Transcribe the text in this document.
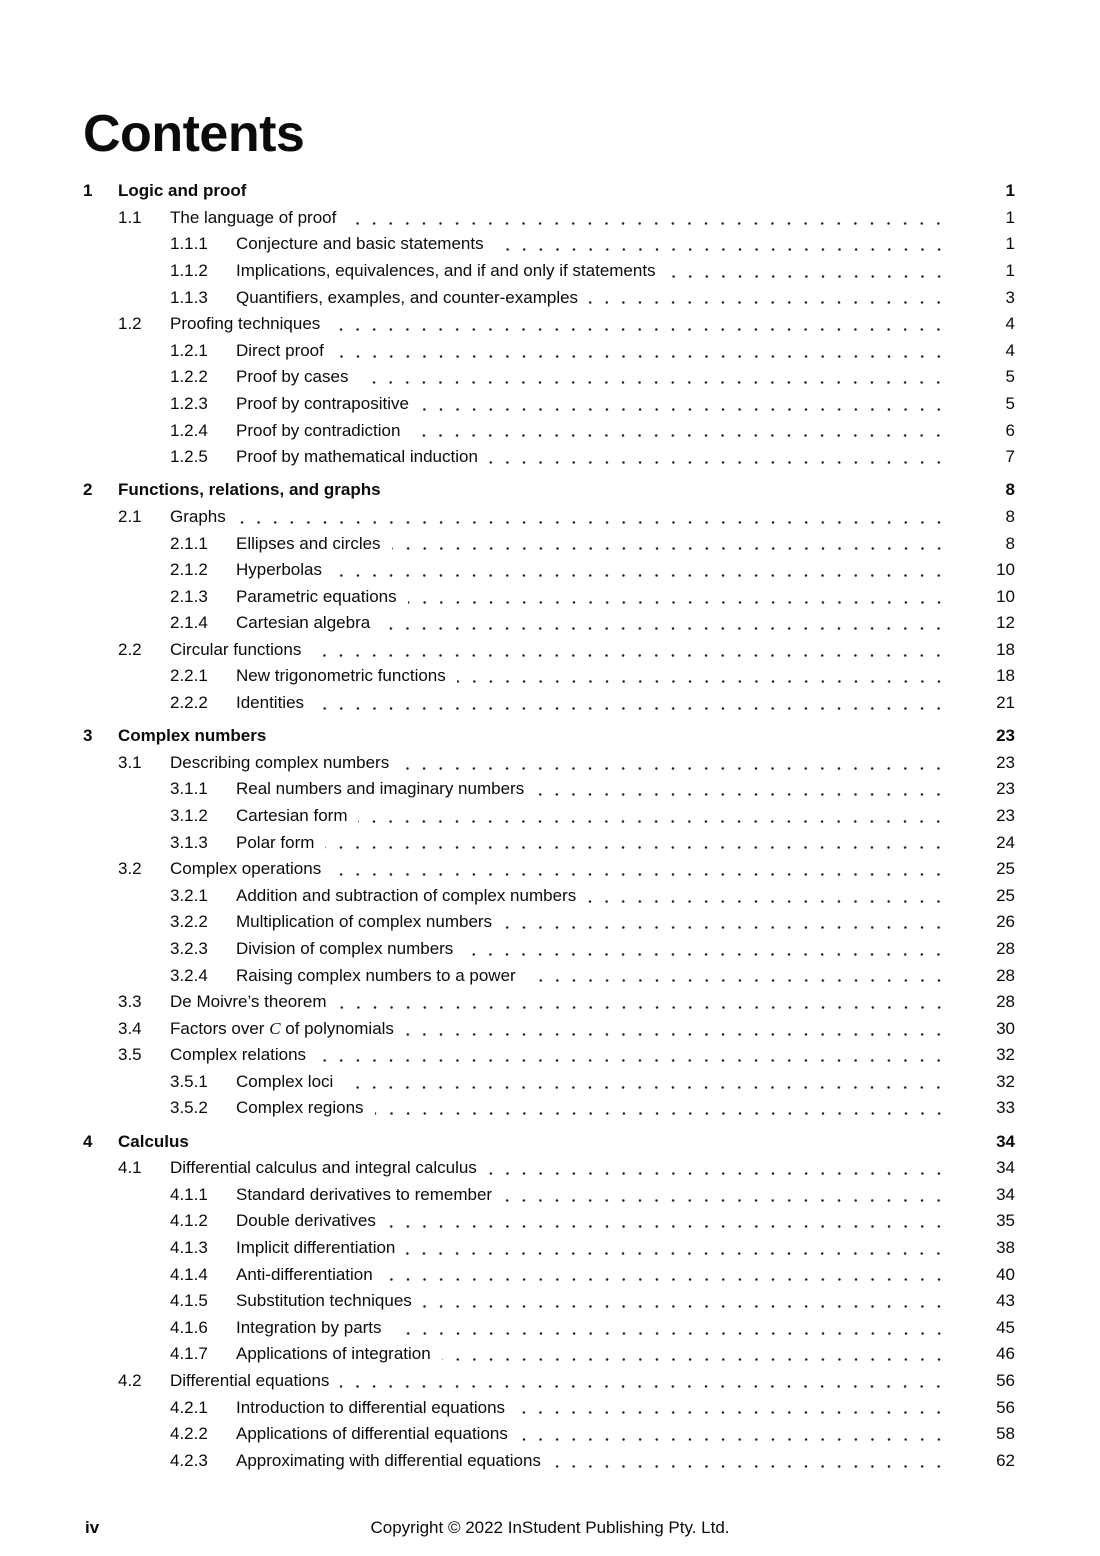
Contents
1	Logic and proof	1
1.1	The language of proof	1
1.1.1	Conjecture and basic statements	1
1.1.2	Implications, equivalences, and if and only if statements	1
1.1.3	Quantifiers, examples, and counter-examples	3
1.2	Proofing techniques	4
1.2.1	Direct proof	4
1.2.2	Proof by cases	5
1.2.3	Proof by contrapositive	5
1.2.4	Proof by contradiction	6
1.2.5	Proof by mathematical induction	7
2	Functions, relations, and graphs	8
2.1	Graphs	8
2.1.1	Ellipses and circles	8
2.1.2	Hyperbolas	10
2.1.3	Parametric equations	10
2.1.4	Cartesian algebra	12
2.2	Circular functions	18
2.2.1	New trigonometric functions	18
2.2.2	Identities	21
3	Complex numbers	23
3.1	Describing complex numbers	23
3.1.1	Real numbers and imaginary numbers	23
3.1.2	Cartesian form	23
3.1.3	Polar form	24
3.2	Complex operations	25
3.2.1	Addition and subtraction of complex numbers	25
3.2.2	Multiplication of complex numbers	26
3.2.3	Division of complex numbers	28
3.2.4	Raising complex numbers to a power	28
3.3	De Moivre’s theorem	28
3.4	Factors over C of polynomials	30
3.5	Complex relations	32
3.5.1	Complex loci	32
3.5.2	Complex regions	33
4	Calculus	34
4.1	Differential calculus and integral calculus	34
4.1.1	Standard derivatives to remember	34
4.1.2	Double derivatives	35
4.1.3	Implicit differentiation	38
4.1.4	Anti-differentiation	40
4.1.5	Substitution techniques	43
4.1.6	Integration by parts	45
4.1.7	Applications of integration	46
4.2	Differential equations	56
4.2.1	Introduction to differential equations	56
4.2.2	Applications of differential equations	58
4.2.3	Approximating with differential equations	62
iv	Copyright © 2022 InStudent Publishing Pty. Ltd.
